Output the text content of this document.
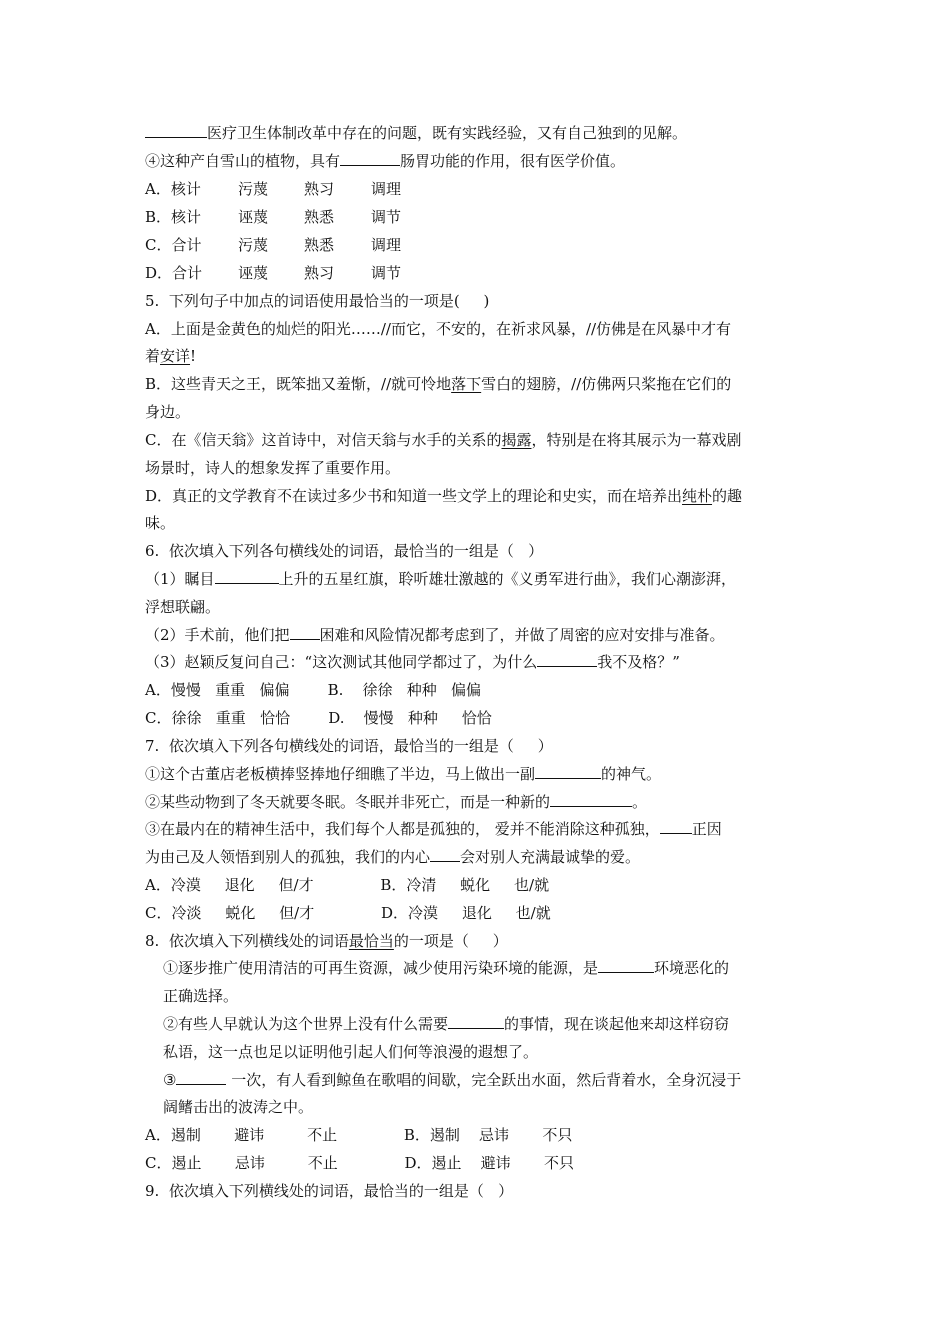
医疗卫生体制改革中存在的问题，既有实践经验，又有自己独到的见解。
④这种产自雪山的植物，具有	肠胃功能的作用，很有医学价值。
A．核计 污蔑 熟习 调理
B．核计 诬蔑 熟悉 调节
C．合计 污蔑 熟悉 调理
D．合计 诬蔑 熟习 调节
5.  下列句子中加点的词语使用最恰当的一项是(     )
A．上面是金黄色的灿烂的阳光……//而它，不安的，在祈求风暴，//仿佛是在风暴中才有
着安详!
B．这些青天之王，既笨拙又羞惭，//就可怜地落下雪白的翅膀，//仿佛两只桨拖在它们的
身边。
C．在《信天翁》这首诗中，对信天翁与水手的关系的揭露，特别是在将其展示为一幕戏剧
场景时，诗人的想象发挥了重要作用。
D．真正的文学教育不在读过多少书和知道一些文学上的理论和史实，而在培养出纯朴的趣
味。
6.  依次填入下列各句横线处的词语，最恰当的一组是（   ）
（1）瞩目	上升的五星红旗，聆听雄壮激越的《义勇军进行曲》，我们心潮澎湃，
浮想联翩。
（2）手术前，他们把 困难和风险情况都考虑到了，并做了周密的应对安排与准备。
（3）赵颖反复问自己：“这次测试其他同学都过了，为什么	我不及格？”
A．慢慢   重重   偏偏        B.    徐徐   种种   偏偏
C．徐徐   重重   恰恰        D.    慢慢   种种     恰恰
7.  依次填入下列各句横线处的词语，最恰当的一组是（     ）
①这个古董店老板横捧竖捧地仔细瞧了半边，马上做出一副	的神气。
②某些动物到了冬天就要冬眠。冬眠并非死亡，而是一种新的	。
③在最内在的精神生活中，我们每个人都是孤独的， 爱并不能消除这种孤独， 正因
为由己及人领悟到别人的孤独，我们的内心 会对别人充满最诚挚的爱。
A．冷漠     退化     但/才              B．冷清     蜕化     也/就
C．冷淡     蜕化     但/才              D．冷漠     退化     也/就
8.  依次填入下列横线处的词语最恰当的一项是（     ）
①逐步推广使用清洁的可再生资源，减少使用污染环境的能源，是	环境恶化的
正确选择。
②有些人早就认为这个世界上没有什么需要	的事情，现在谈起他来却这样窃窃
私语，这一点也足以证明他引起人们何等浪漫的遐想了。
③	一次，有人看到鲸鱼在歌唱的间歇，完全跃出水面，然后背着水，全身沉浸于
阔鳍击出的波涛之中。
A．遏制       避讳         不止              B．遏制    忌讳       不只
C．遏止       忌讳         不止              D．遏止    避讳       不只
9.  依次填入下列横线处的词语，最恰当的一组是（   ）
